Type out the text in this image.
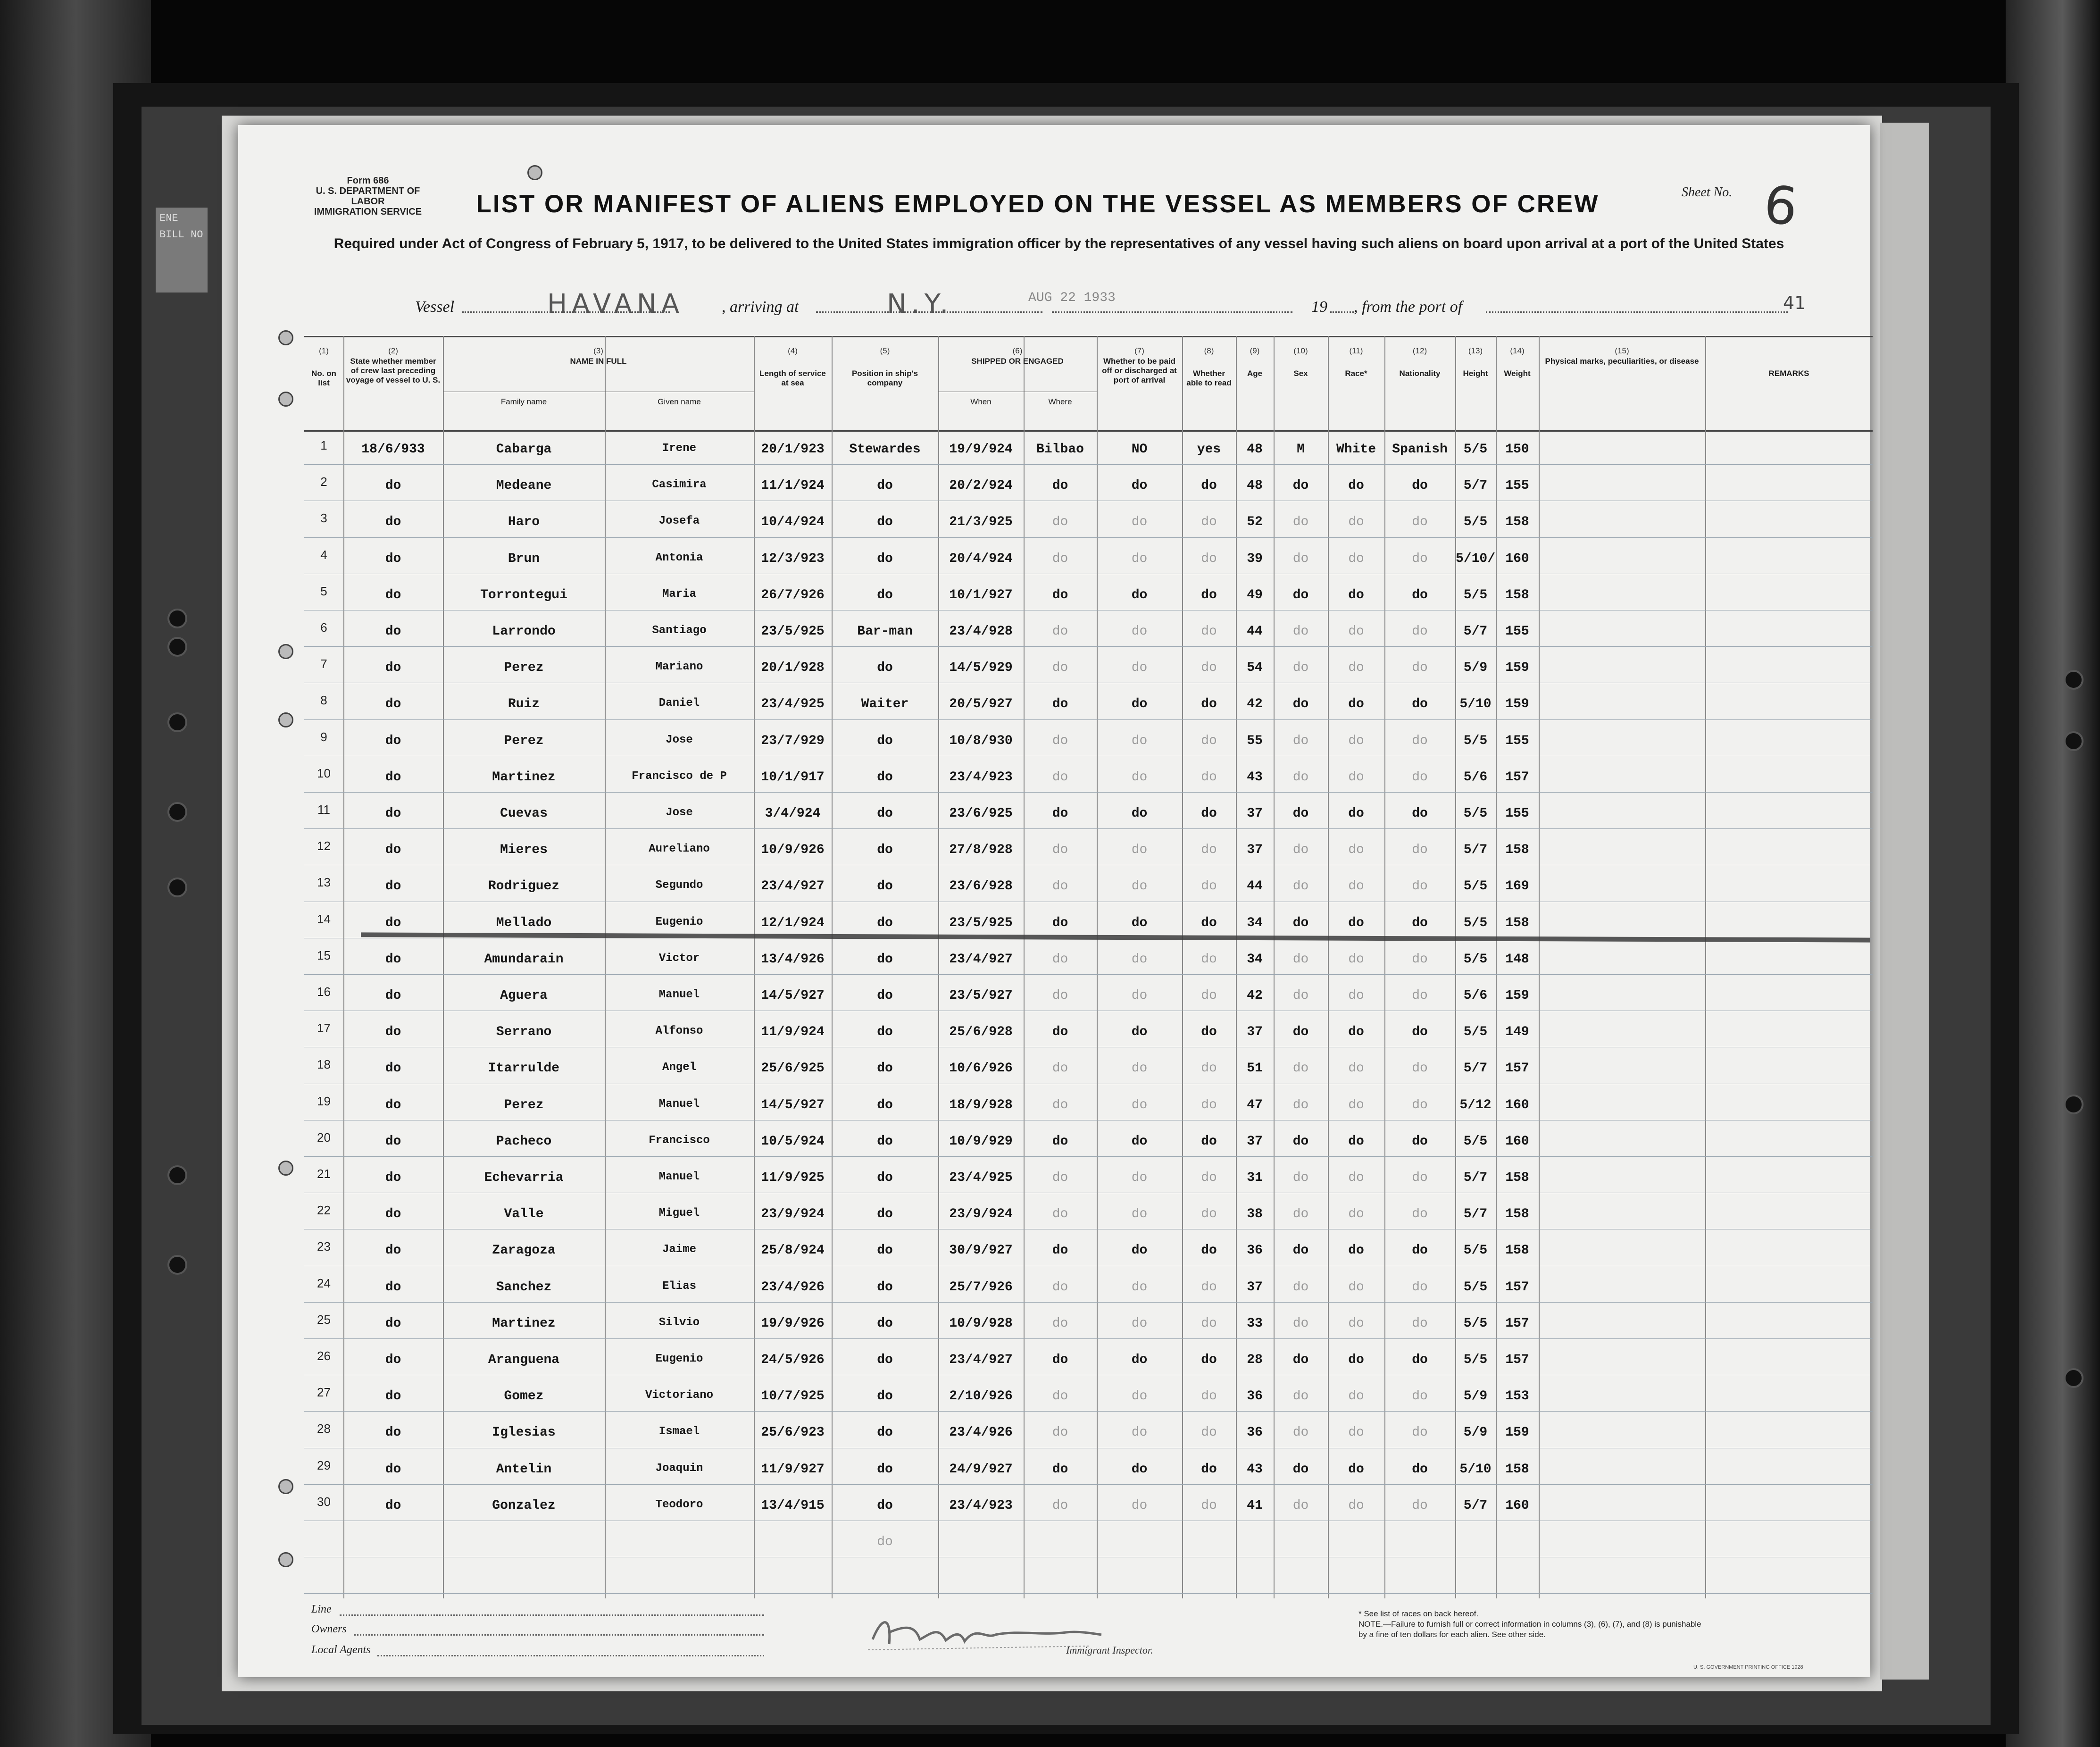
ENE
BILL NO
Form 686
U. S. DEPARTMENT OF LABOR
IMMIGRATION SERVICE	LIST OR MANIFEST OF ALIENS EMPLOYED ON THE VESSEL AS MEMBERS OF CREW	Sheet No. 6
Required under Act of Congress of February 5, 1917, to be delivered to the United States immigration officer by the representatives of any vessel having such aliens on board upon arrival at a port of the United States
Vessel	HAVANA , arriving at	N.Y.	AUG 22 1933
19 , from the port of	41
(1)
No. on list
(2)
State whether member of crew last preceding voyage of vessel to U. S.
(3)
NAME IN FULL
Family name	Given name
(4)
Length of service at sea
(5)
Position in ship's company
(6)
SHIPPED OR ENGAGED
When	Where
(7)
Whether to be paid off or discharged at port of arrival
(8)
Whether able to read
(9)
Age
(10)
Sex
(11)
Race*
(12)
Nationality
(13)
Height
(14)
Weight
(15)
Physical marks, peculiarities, or disease
REMARKS
1	18/6/933	Cabarga	Irene	20/1/923	Stewardes	19/9/924	Bilbao	NO	yes	48	M	White	Spanish	5/5	150
2	do	Medeane	Casimira	11/1/924	do	20/2/924	do	do	do	48	do	do	do	5/7	155
3	do	Haro	Josefa	10/4/924	do	21/3/925	do	do	do	52	do	do	do	5/5	158
4	do	Brun	Antonia	12/3/923	do	20/4/924	do	do	do	39	do	do	do	5/10/ 160
5	do	Torrontegui	Maria	26/7/926	do	10/1/927	do	do	do	49	do	do	do	5/5	158
6	do	Larrondo	Santiago	23/5/925	Bar-man	23/4/928	do	do	do	44	do	do	do	5/7	155
7	do	Perez	Mariano	20/1/928	do	14/5/929	do	do	do	54	do	do	do	5/9	159
8	do	Ruiz	Daniel	23/4/925	Waiter	20/5/927	do	do	do	42	do	do	do	5/10	159
9	do	Perez	Jose	23/7/929	do	10/8/930	do	do	do	55	do	do	do	5/5	155
10	do	Martinez	Francisco de P	10/1/917	do	23/4/923	do	do	do	43	do	do	do	5/6	157
11	do	Cuevas	Jose	3/4/924	do	23/6/925	do	do	do	37	do	do	do	5/5	155
12	do	Mieres	Aureliano	10/9/926	do	27/8/928	do	do	do	37	do	do	do	5/7	158
13	do	Rodriguez	Segundo	23/4/927	do	23/6/928	do	do	do	44	do	do	do	5/5	169
14	do	Mellado	Eugenio	12/1/924	do	23/5/925	do	do	do	34	do	do	do	5/5	158
15	do	Amundarain	Victor	13/4/926	do	23/4/927	do	do	do	34	do	do	do	5/5	148
16	do	Aguera	Manuel	14/5/927	do	23/5/927	do	do	do	42	do	do	do	5/6	159
17	do	Serrano	Alfonso	11/9/924	do	25/6/928	do	do	do	37	do	do	do	5/5	149
18	do	Itarrulde	Angel	25/6/925	do	10/6/926	do	do	do	51	do	do	do	5/7	157
19	do	Perez	Manuel	14/5/927	do	18/9/928	do	do	do	47	do	do	do	5/12	160
20	do	Pacheco	Francisco	10/5/924	do	10/9/929	do	do	do	37	do	do	do	5/5	160
21	do	Echevarria	Manuel	11/9/925	do	23/4/925	do	do	do	31	do	do	do	5/7	158
22	do	Valle	Miguel	23/9/924	do	23/9/924	do	do	do	38	do	do	do	5/7	158
23	do	Zaragoza	Jaime	25/8/924	do	30/9/927	do	do	do	36	do	do	do	5/5	158
24	do	Sanchez	Elias	23/4/926	do	25/7/926	do	do	do	37	do	do	do	5/5	157
25	do	Martinez	Silvio	19/9/926	do	10/9/928	do	do	do	33	do	do	do	5/5	157
26	do	Aranguena	Eugenio	24/5/926	do	23/4/927	do	do	do	28	do	do	do	5/5	157
27	do	Gomez	Victoriano	10/7/925	do	2/10/926	do	do	do	36	do	do	do	5/9	153
28	do	Iglesias	Ismael	25/6/923	do	23/4/926	do	do	do	36	do	do	do	5/9	159
29	do	Antelin	Joaquin	11/9/927	do	24/9/927	do	do	do	43	do	do	do	5/10	158
30	do	Gonzalez	Teodoro	13/4/915	do	23/4/923	do	do	do	41	do	do	do	5/7	160
do
Line
Owners
Local Agents	Immigrant Inspector.
* See list of races on back hereof.
NOTE.—Failure to furnish full or correct information in columns (3), (6), (7), and (8) is punishable by a fine of ten dollars for each alien. See other side.
U. S. GOVERNMENT PRINTING OFFICE 1928
